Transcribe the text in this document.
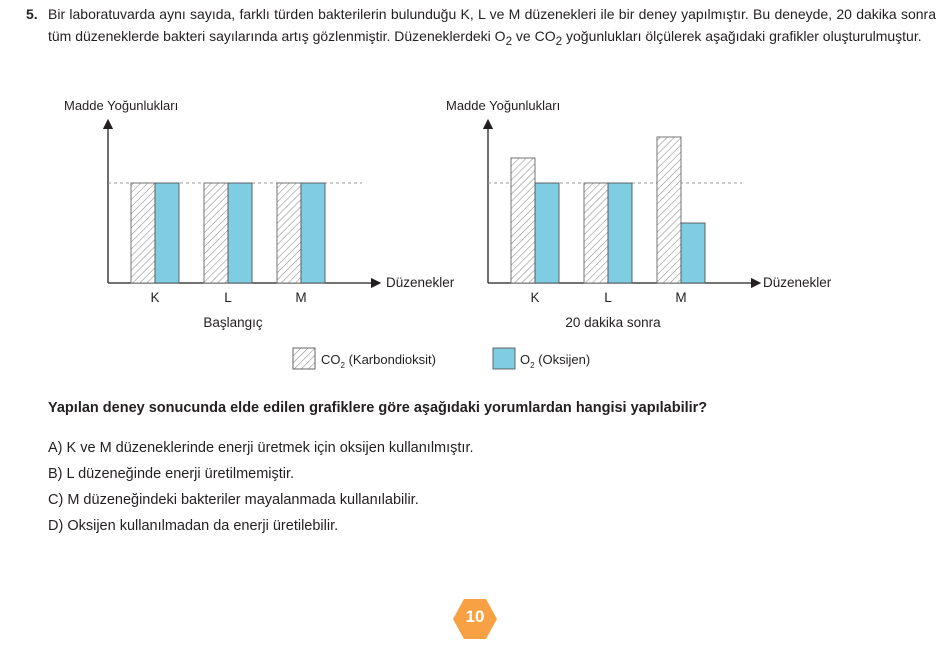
5. Bir laboratuvarda aynı sayıda, farklı türden bakterilerin bulunduğu K, L ve M düzenekleri ile bir deney yapılmıştır. Bu deneyde, 20 dakika sonra tüm düzeneklerde bakteri sayılarında artış gözlenmiştir. Düzeneklerdeki $O_2$ ve $CO_2$ yoğunlukları ölçülerek aşağıdaki grafikler oluşturulmuştur.
Madde Yoğunlukları
Düzenekler
K	L	M
Başlangıç
Madde Yoğunlukları
Düzenekler
K	L	M
20 dakika sonra
$CO_2$ (Karbondioksit)	$O_2$ (Oksijen)
Yapılan deney sonucunda elde edilen grafiklere göre aşağıdaki yorumlardan hangisi yapılabilir?
A) K ve M düzeneklerinde enerji üretmek için oksijen kullanılmıştır.
B) L düzeneğinde enerji üretilmemiştir.
C) M düzeneğindeki bakteriler mayalanmada kullanılabilir.
D) Oksijen kullanılmadan da enerji üretilebilir.
10
